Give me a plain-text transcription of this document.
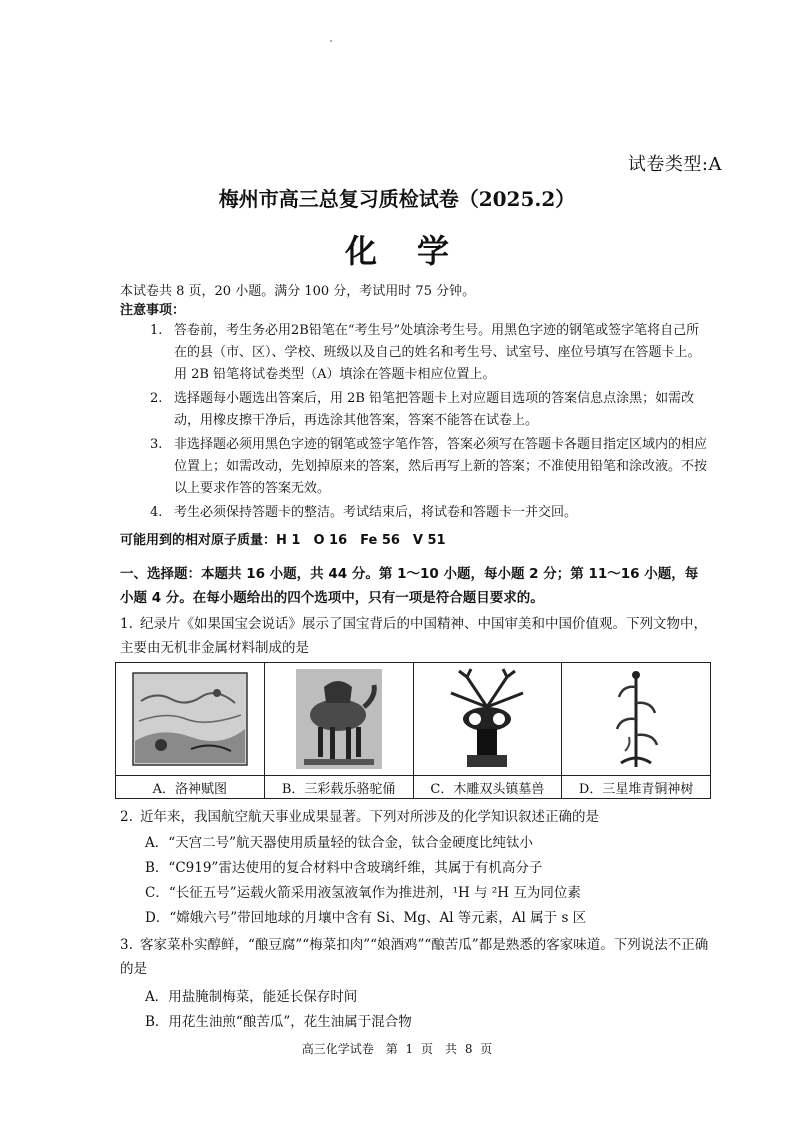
试卷类型:A
梅州市高三总复习质检试卷（2025.2）
化学
本试卷共 8 页，20 小题。满分 100 分，考试用时 75 分钟。
注意事项：
1. 答卷前，考生务必用2B铅笔在“考生号”处填涂考生号。用黑色字迹的钢笔或签字笔将自己所在的县（市、区）、学校、班级以及自己的姓名和考生号、试室号、座位号填写在答题卡上。用 2B 铅笔将试卷类型（A）填涂在答题卡相应位置上。
2. 选择题每小题选出答案后，用 2B 铅笔把答题卡上对应题目选项的答案信息点涂黑；如需改动，用橡皮擦干净后，再选涂其他答案，答案不能答在试卷上。
3. 非选择题必须用黑色字迹的钢笔或签字笔作答，答案必须写在答题卡各题目指定区域内的相应位置上；如需改动，先划掉原来的答案，然后再写上新的答案；不准使用铅笔和涂改液。不按以上要求作答的答案无效。
4. 考生必须保持答题卡的整洁。考试结束后，将试卷和答题卡一并交回。
可能用到的相对原子质量：H 1　O 16　Fe 56　V 51
一、选择题：本题共 16 小题，共 44 分。第 1～10 小题，每小题 2 分；第 11～16 小题，每小题 4 分。在每小题给出的四个选项中，只有一项是符合题目要求的。
1. 纪录片《如果国宝会说话》展示了国宝背后的中国精神、中国审美和中国价值观。下列文物中，主要由无机非金属材料制成的是

A．洛神赋图	B．三彩载乐骆驼俑	C．木雕双头镇墓兽	D．三星堆青铜神树
2. 近年来，我国航空航天事业成果显著。下列对所涉及的化学知识叙述正确的是
A．“天宫二号”航天器使用质量轻的钛合金，钛合金硬度比纯钛小
B．“C919”雷达使用的复合材料中含玻璃纤维，其属于有机高分子
C．“长征五号”运载火箭采用液氢液氧作为推进剂，¹H 与 ²H 互为同位素
D．“嫦娥六号”带回地球的月壤中含有 Si、Mg、Al 等元素，Al 属于 s 区
3. 客家菜朴实醇鲜，“酿豆腐”“梅菜扣肉”“娘酒鸡”“酿苦瓜”都是熟悉的客家味道。下列说法不正确的是
A．用盐腌制梅菜，能延长保存时间
B．用花生油煎“酿苦瓜”，花生油属于混合物
高三化学试卷　第 1 页　共 8 页
